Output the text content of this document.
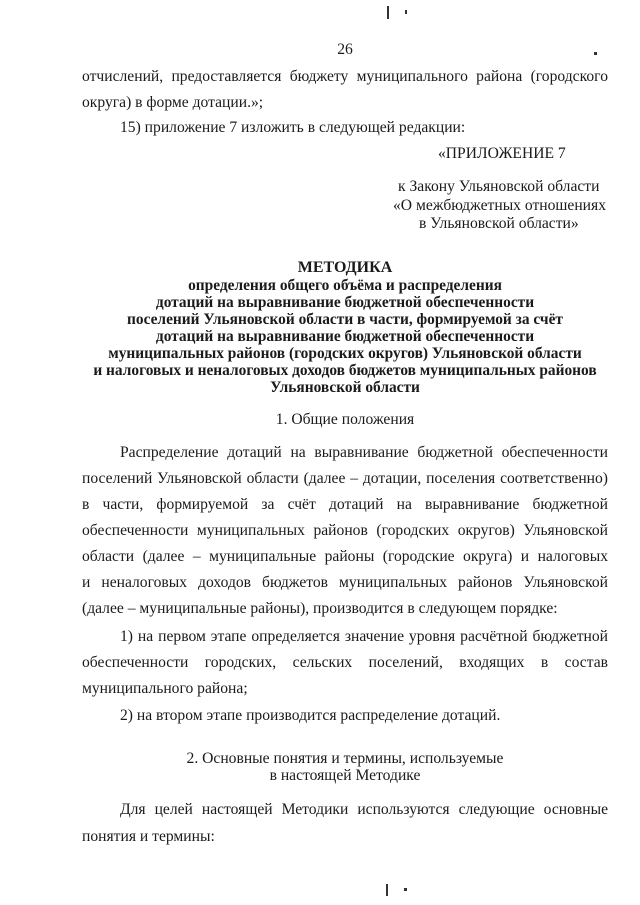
26
отчислений, предоставляется бюджету муниципального района (городского
округа) в форме дотации.»;
15) приложение 7 изложить в следующей редакции:
«ПРИЛОЖЕНИЕ 7
к Закону Ульяновской области
«О межбюджетных отношениях
в Ульяновской области»
МЕТОДИКА
определения общего объёма и распределения
дотаций на выравнивание бюджетной обеспеченности
поселений Ульяновской области в части, формируемой за счёт
дотаций на выравнивание бюджетной обеспеченности
муниципальных районов (городских округов) Ульяновской области
и налоговых и неналоговых доходов бюджетов муниципальных районов
Ульяновской области
1. Общие положения
Распределение дотаций на выравнивание бюджетной обеспеченности
поселений Ульяновской области (далее – дотации, поселения соответственно)
в части, формируемой за счёт дотаций на выравнивание бюджетной
обеспеченности муниципальных районов (городских округов) Ульяновской
области (далее – муниципальные районы (городские округа) и налоговых
и неналоговых доходов бюджетов муниципальных районов Ульяновской
(далее – муниципальные районы), производится в следующем порядке:
1) на первом этапе определяется значение уровня расчётной бюджетной
обеспеченности городских, сельских поселений, входящих в состав
муниципального района;
2) на втором этапе производится распределение дотаций.
2. Основные понятия и термины, используемые
в настоящей Методике
Для целей настоящей Методики используются следующие основные
понятия и термины:
